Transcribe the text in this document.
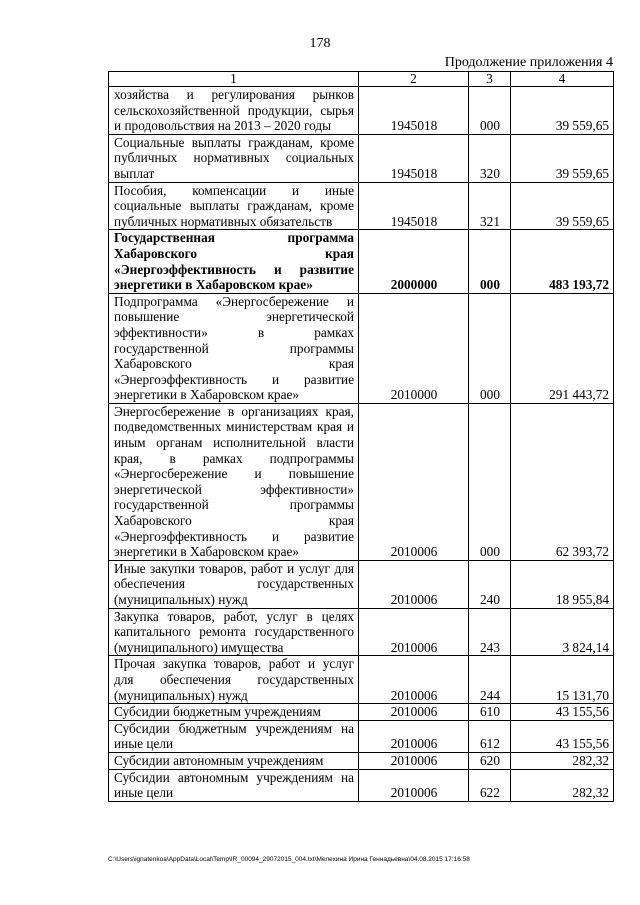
178
Продолжение приложения 4
1	2	3	4
хозяйства и регулирования рынков сельскохозяйственной продукции, сырья и продовольствия на 2013 – 2020 годы	1945018	000	39 559,65
Социальные выплаты гражданам, кроме публичных нормативных социальных выплат	1945018	320	39 559,65
Пособия, компенсации и иные социальные выплаты гражданам, кроме публичных нормативных обязательств	1945018	321	39 559,65
Государственная программа Хабаровского края «Энергоэффективность и развитие энергетики в Хабаровском крае»	2000000	000	483 193,72
Подпрограмма «Энергосбережение и повышение энергетической эффективности» в рамках государственной программы Хабаровского края «Энергоэффективность и развитие энергетики в Хабаровском крае»	2010000	000	291 443,72
Энергосбережение в организациях края, подведомственных министерствам края и иным органам исполнительной власти края, в рамках подпрограммы «Энергосбережение и повышение энергетической эффективности» государственной программы Хабаровского края «Энергоэффективность и развитие энергетики в Хабаровском крае»	2010006	000	62 393,72
Иные закупки товаров, работ и услуг для обеспечения государственных (муниципальных) нужд	2010006	240	18 955,84
Закупка товаров, работ, услуг в целях капитального ремонта государственного (муниципального) имущества	2010006	243	3 824,14
Прочая закупка товаров, работ и услуг для обеспечения государственных (муниципальных) нужд	2010006	244	15 131,70
Субсидии бюджетным учреждениям	2010006	610	43 155,56
Субсидии бюджетным учреждениям на иные цели	2010006	612	43 155,56
Субсидии автономным учреждениям	2010006	620	282,32
Субсидии автономным учреждениям на иные цели	2010006	622	282,32
C:\Users\ignatenkoa\AppData\Local\Temp\IR_00094_29072015_004.txt\Мелехина Ирина Геннадьевна\04.08.2015 17:16:58
